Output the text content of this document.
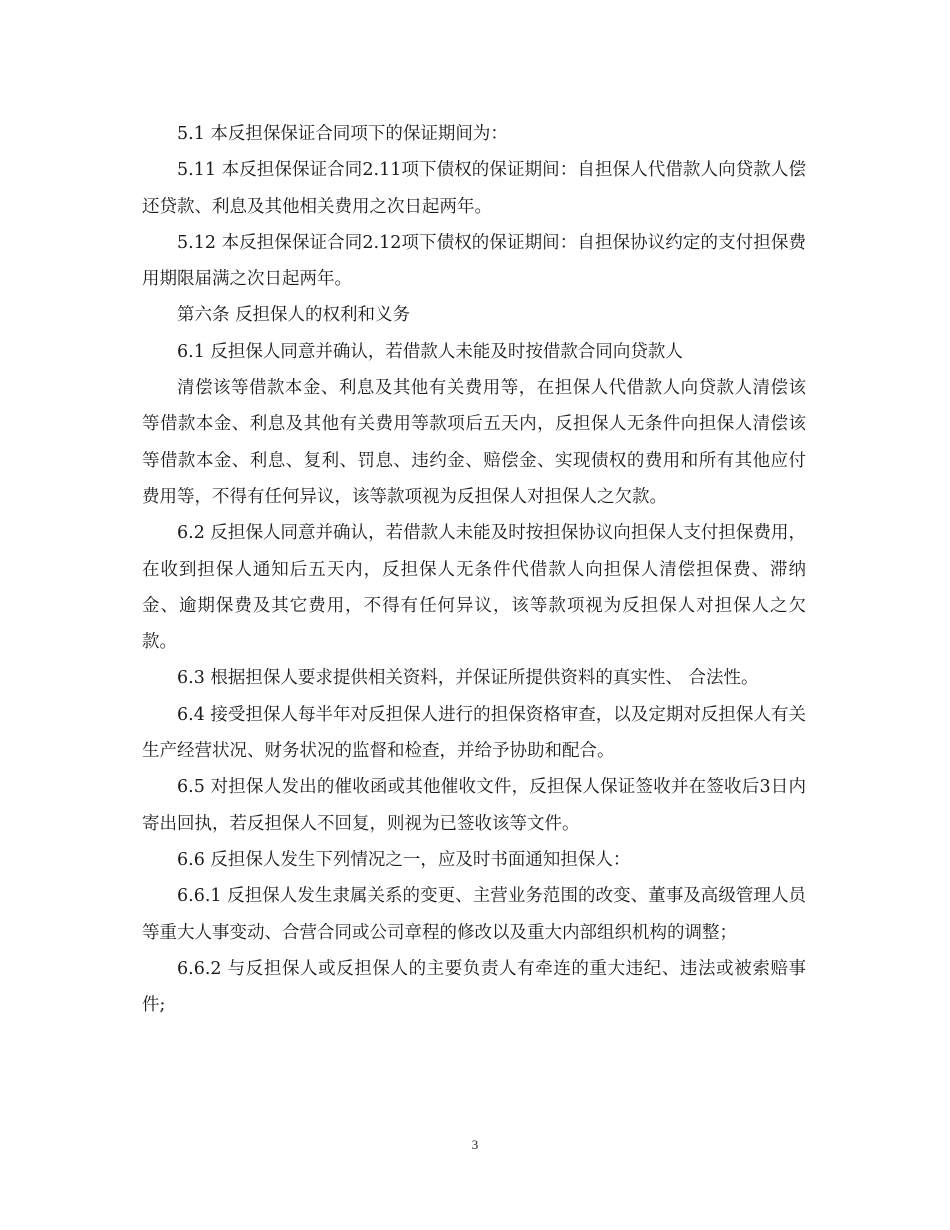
5.1 本反担保保证合同项下的保证期间为：

5.11 本反担保保证合同2.11项下债权的保证期间：自担保人代借款人向贷款人偿还贷款、利息及其他相关费用之次日起两年。

5.12 本反担保保证合同2.12项下债权的保证期间：自担保协议约定的支付担保费用期限届满之次日起两年。

第六条 反担保人的权利和义务

6.1 反担保人同意并确认，若借款人未能及时按借款合同向贷款人

清偿该等借款本金、利息及其他有关费用等，在担保人代借款人向贷款人清偿该等借款本金、利息及其他有关费用等款项后五天内，反担保人无条件向担保人清偿该等借款本金、利息、复利、罚息、违约金、赔偿金、实现债权的费用和所有其他应付费用等，不得有任何异议，该等款项视为反担保人对担保人之欠款。

6.2 反担保人同意并确认，若借款人未能及时按担保协议向担保人支付担保费用，在收到担保人通知后五天内，反担保人无条件代借款人向担保人清偿担保费、滞纳金、逾期保费及其它费用，不得有任何异议，该等款项视为反担保人对担保人之欠款。

6.3 根据担保人要求提供相关资料，并保证所提供资料的真实性、 合法性。

6.4 接受担保人每半年对反担保人进行的担保资格审查，以及定期对反担保人有关生产经营状况、财务状况的监督和检查，并给予协助和配合。

6.5 对担保人发出的催收函或其他催收文件，反担保人保证签收并在签收后3日内寄出回执，若反担保人不回复，则视为已签收该等文件。

6.6 反担保人发生下列情况之一，应及时书面通知担保人：

6.6.1 反担保人发生隶属关系的变更、主营业务范围的改变、董事及高级管理人员等重大人事变动、合营合同或公司章程的修改以及重大内部组织机构的调整；

6.6.2 与反担保人或反担保人的主要负责人有牵连的重大违纪、违法或被索赔事件;

3
